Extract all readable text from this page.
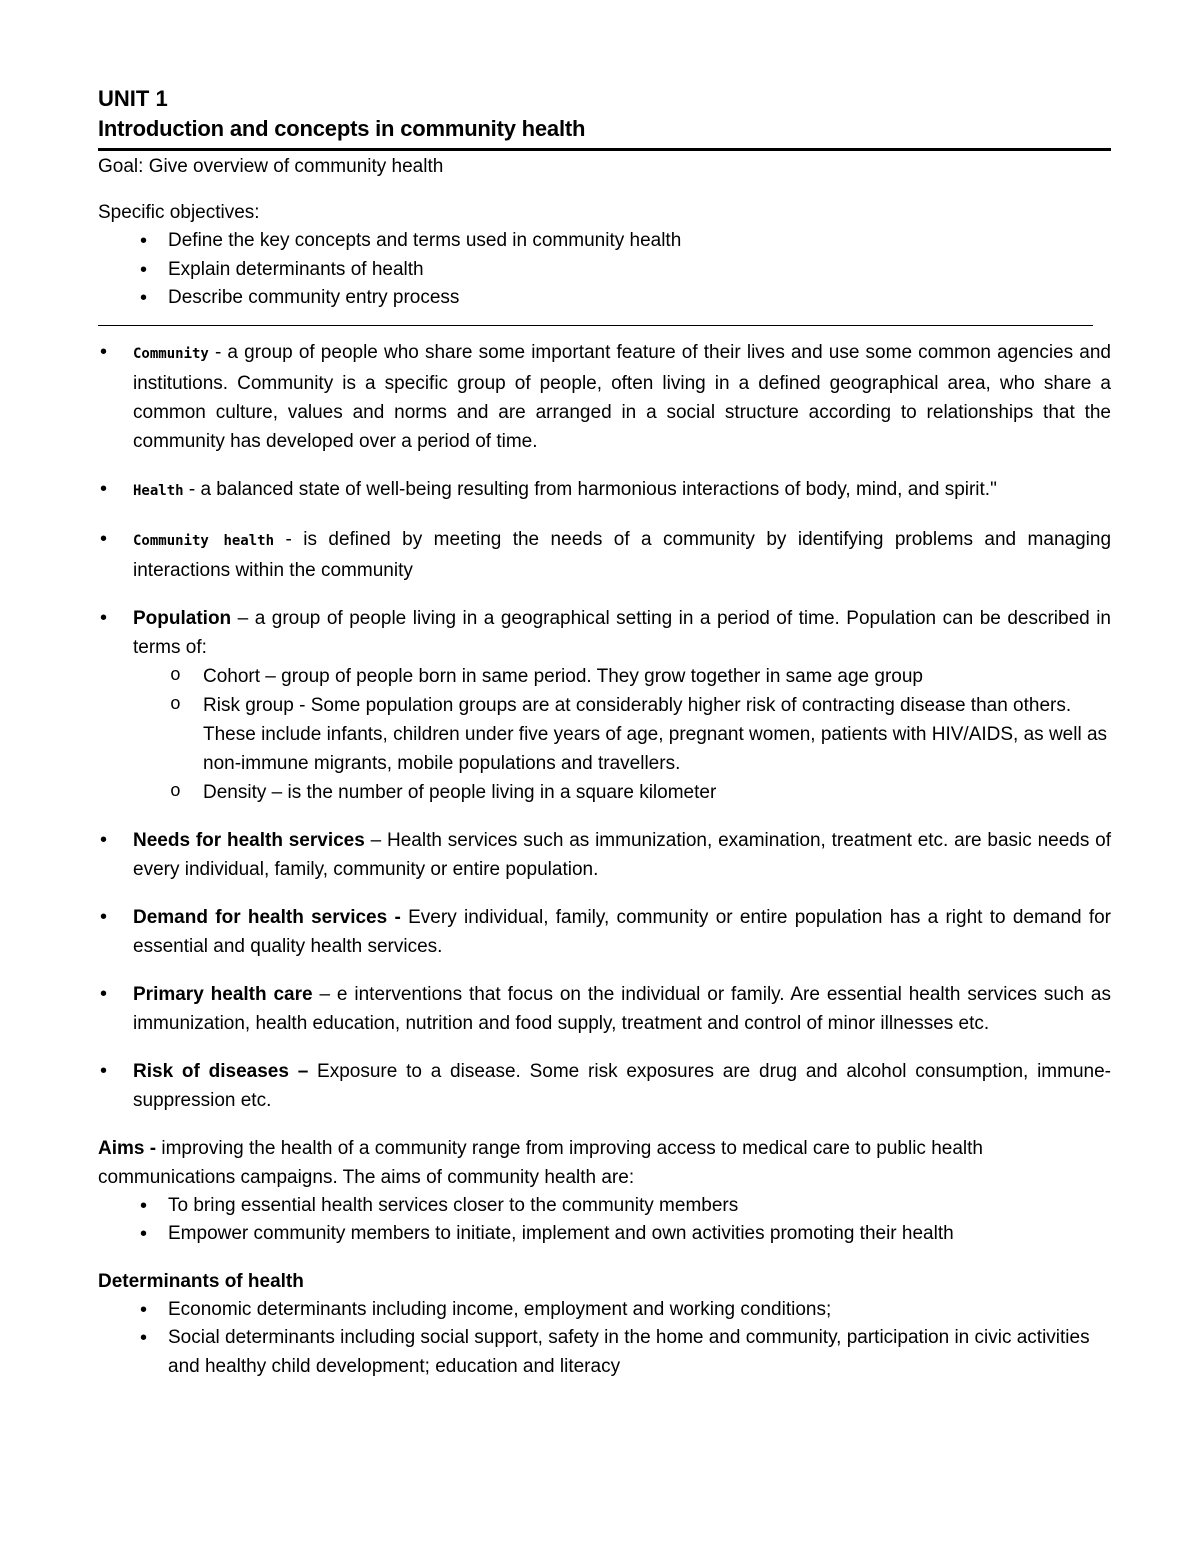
UNIT 1
Introduction and concepts in community health
Goal: Give overview of community health
Specific objectives:
• Define the key concepts and terms used in community health
• Explain determinants of health
• Describe community entry process
• Community - a group of people who share some important feature of their lives and use some common agencies and institutions. Community is a specific group of people, often living in a defined geographical area, who share a common culture, values and norms and are arranged in a social structure according to relationships that the community has developed over a period of time.
• Health - a balanced state of well-being resulting from harmonious interactions of body, mind, and spirit."
• Community health - is defined by meeting the needs of a community by identifying problems and managing interactions within the community
• Population – a group of people living in a geographical setting in a period of time. Population can be described in terms of:
o Cohort – group of people born in same period. They grow together in same age group
o Risk group - Some population groups are at considerably higher risk of contracting disease than others. These include infants, children under five years of age, pregnant women, patients with HIV/AIDS, as well as non-immune migrants, mobile populations and travellers.
o Density – is the number of people living in a square kilometer
• Needs for health services – Health services such as immunization, examination, treatment etc. are basic needs of every individual, family, community or entire population.
• Demand for health services - Every individual, family, community or entire population has a right to demand for essential and quality health services.
• Primary health care – e interventions that focus on the individual or family. Are essential health services such as immunization, health education, nutrition and food supply, treatment and control of minor illnesses etc.
• Risk of diseases – Exposure to a disease. Some risk exposures are drug and alcohol consumption, immune-suppression etc.
Aims - improving the health of a community range from improving access to medical care to public health communications campaigns. The aims of community health are:
• To bring essential health services closer to the community members
• Empower community members to initiate, implement and own activities promoting their health
Determinants of health
• Economic determinants including income, employment and working conditions;
• Social determinants including social support, safety in the home and community, participation in civic activities and healthy child development; education and literacy
